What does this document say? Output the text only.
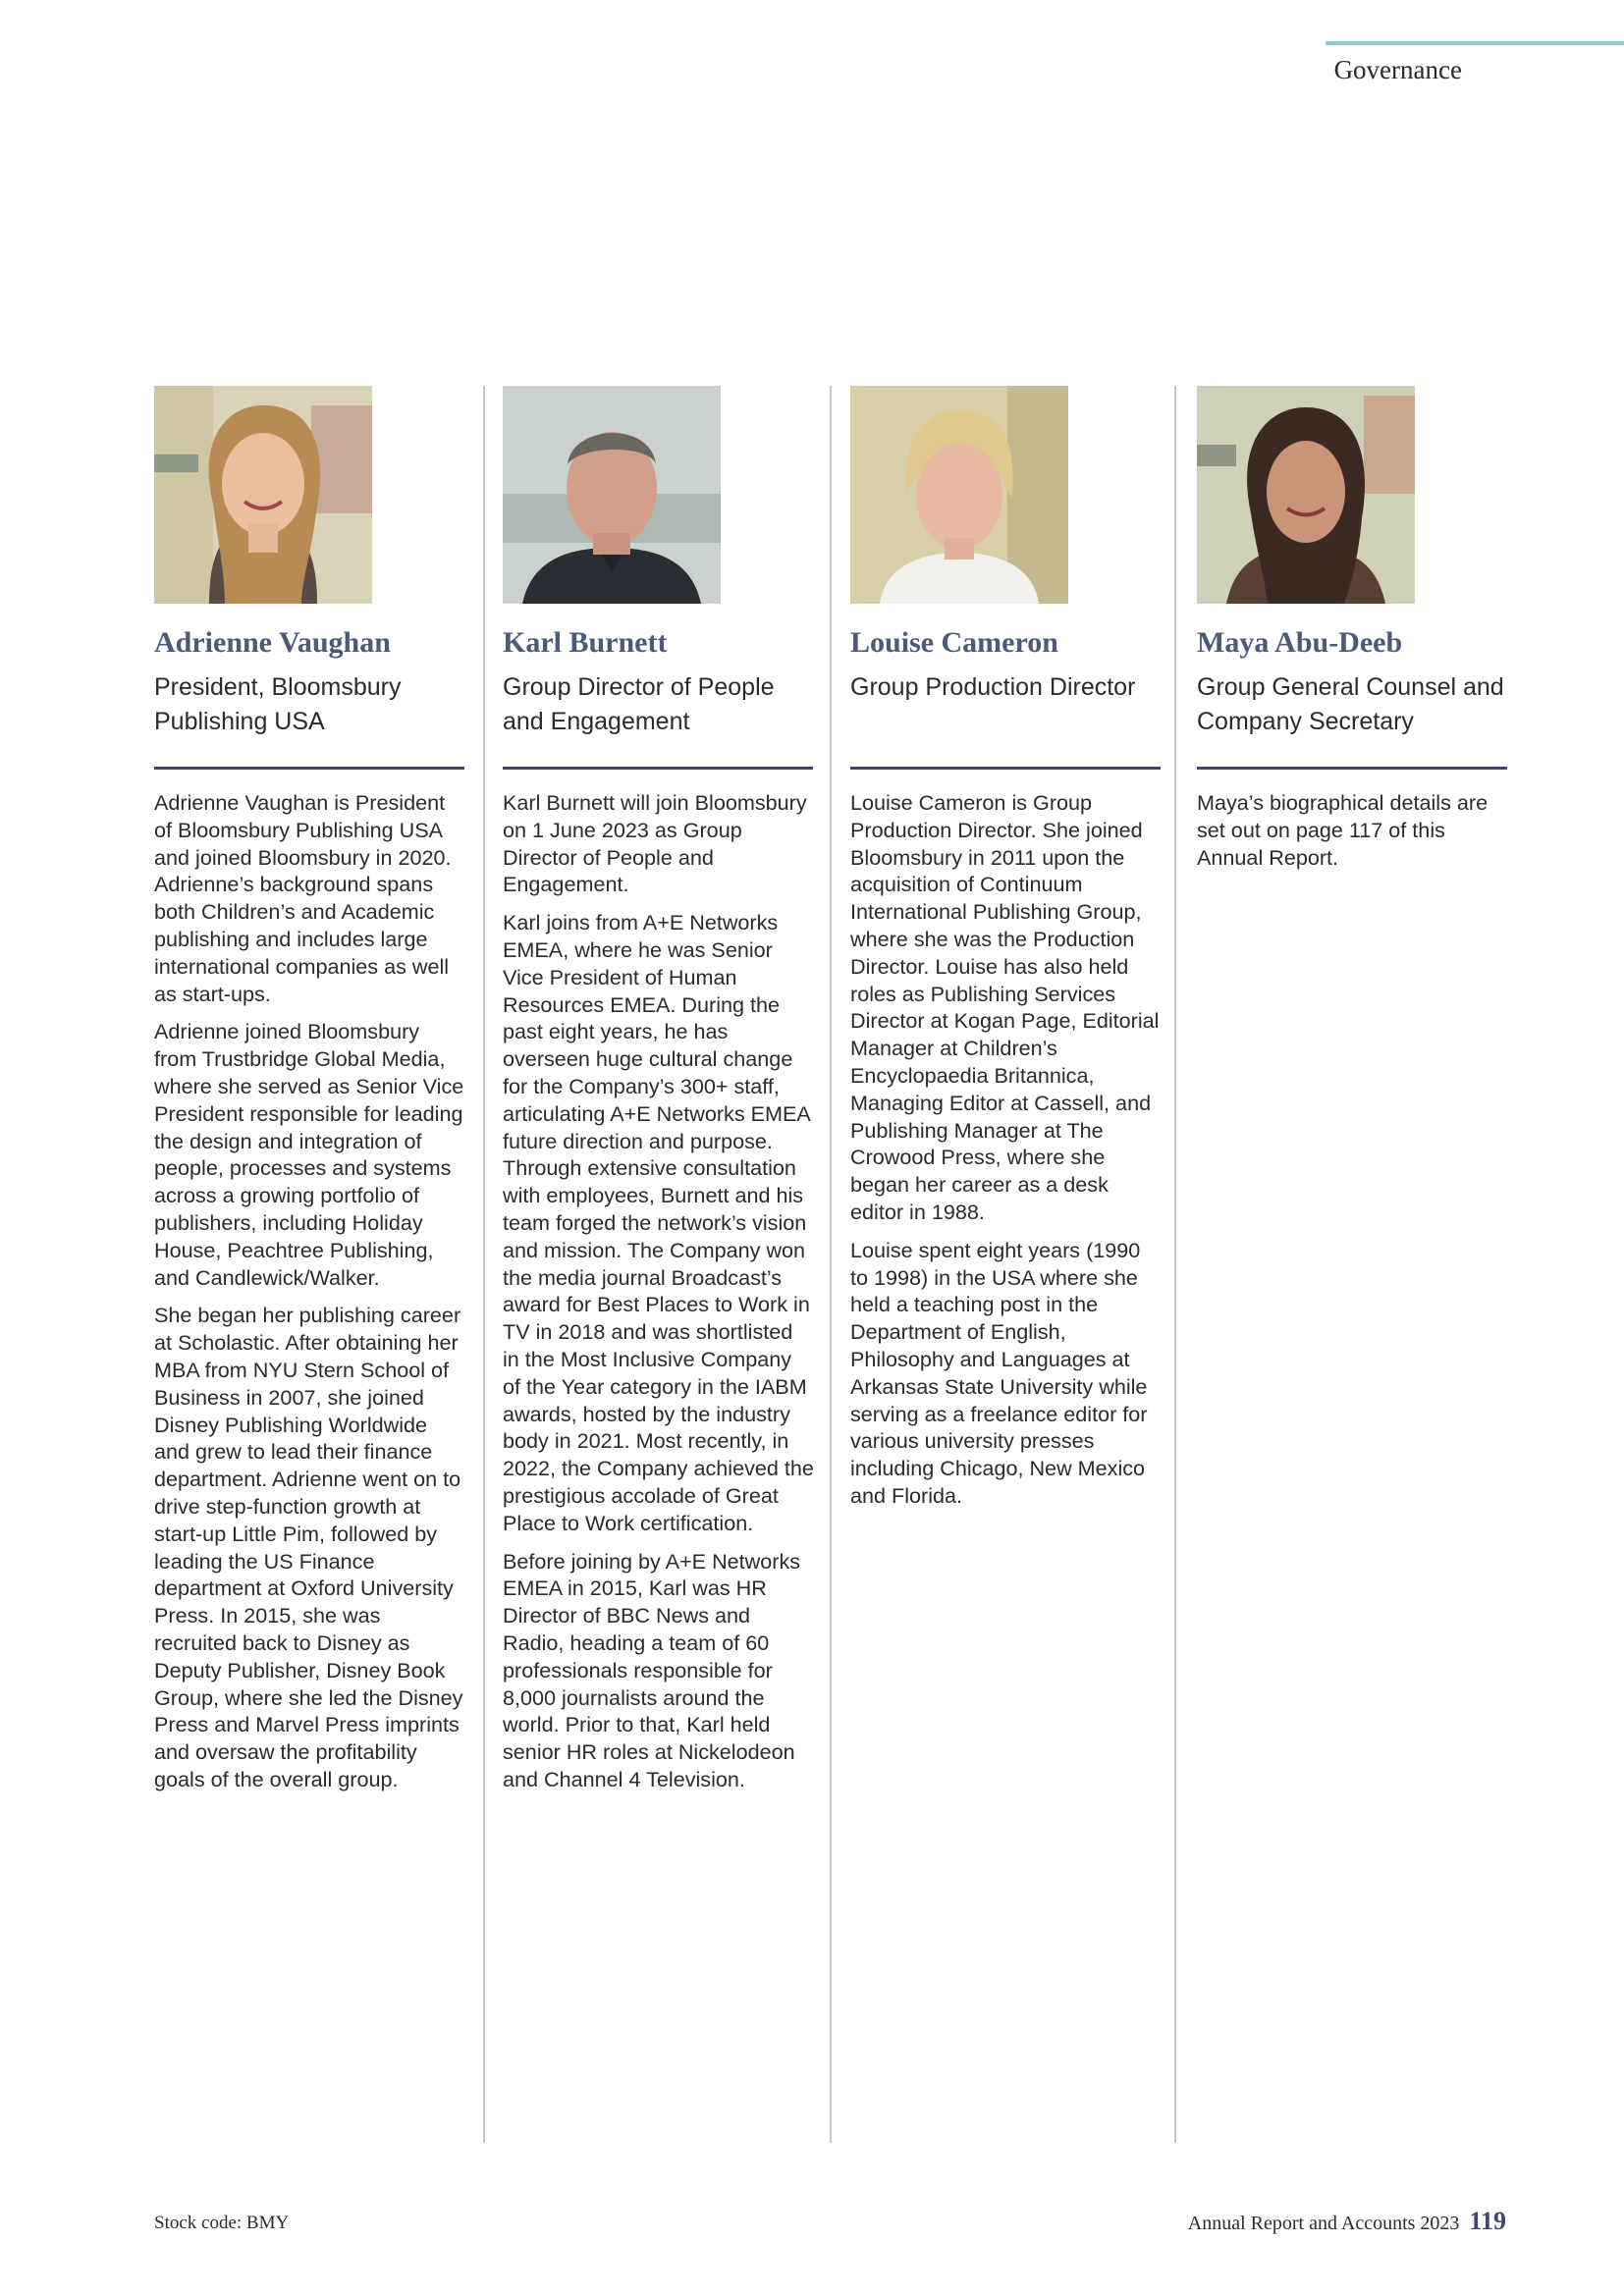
Governance
Adrienne Vaughan
President, Bloomsbury Publishing USA

Adrienne Vaughan is President of Bloomsbury Publishing USA and joined Bloomsbury in 2020. Adrienne’s background spans both Children’s and Academic publishing and includes large international companies as well as start-ups.

Adrienne joined Bloomsbury from Trustbridge Global Media, where she served as Senior Vice President responsible for leading the design and integration of people, processes and systems across a growing portfolio of publishers, including Holiday House, Peachtree Publishing, and Candlewick/Walker.

She began her publishing career at Scholastic. After obtaining her MBA from NYU Stern School of Business in 2007, she joined Disney Publishing Worldwide and grew to lead their finance department. Adrienne went on to drive step-function growth at start-up Little Pim, followed by leading the US Finance department at Oxford University Press. In 2015, she was recruited back to Disney as Deputy Publisher, Disney Book Group, where she led the Disney Press and Marvel Press imprints and oversaw the profitability goals of the overall group.

Karl Burnett
Group Director of People and Engagement

Karl Burnett will join Bloomsbury on 1 June 2023 as Group Director of People and Engagement.

Karl joins from A+E Networks EMEA, where he was Senior Vice President of Human Resources EMEA. During the past eight years, he has overseen huge cultural change for the Company’s 300+ staff, articulating A+E Networks EMEA future direction and purpose. Through extensive consultation with employees, Burnett and his team forged the network’s vision and mission. The Company won the media journal Broadcast’s award for Best Places to Work in TV in 2018 and was shortlisted in the Most Inclusive Company of the Year category in the IABM awards, hosted by the industry body in 2021. Most recently, in 2022, the Company achieved the prestigious accolade of Great Place to Work certification.

Before joining by A+E Networks EMEA in 2015, Karl was HR Director of BBC News and Radio, heading a team of 60 professionals responsible for 8,000 journalists around the world. Prior to that, Karl held senior HR roles at Nickelodeon and Channel 4 Television.

Louise Cameron
Group Production Director

Louise Cameron is Group Production Director. She joined Bloomsbury in 2011 upon the acquisition of Continuum International Publishing Group, where she was the Production Director. Louise has also held roles as Publishing Services Director at Kogan Page, Editorial Manager at Children’s Encyclopaedia Britannica, Managing Editor at Cassell, and Publishing Manager at The Crowood Press, where she began her career as a desk editor in 1988.

Louise spent eight years (1990 to 1998) in the USA where she held a teaching post in the Department of English, Philosophy and Languages at Arkansas State University while serving as a freelance editor for various university presses including Chicago, New Mexico and Florida.

Maya Abu-Deeb
Group General Counsel and Company Secretary

Maya’s biographical details are set out on page 117 of this Annual Report.

Stock code: BMY	Annual Report and Accounts 2023 119
